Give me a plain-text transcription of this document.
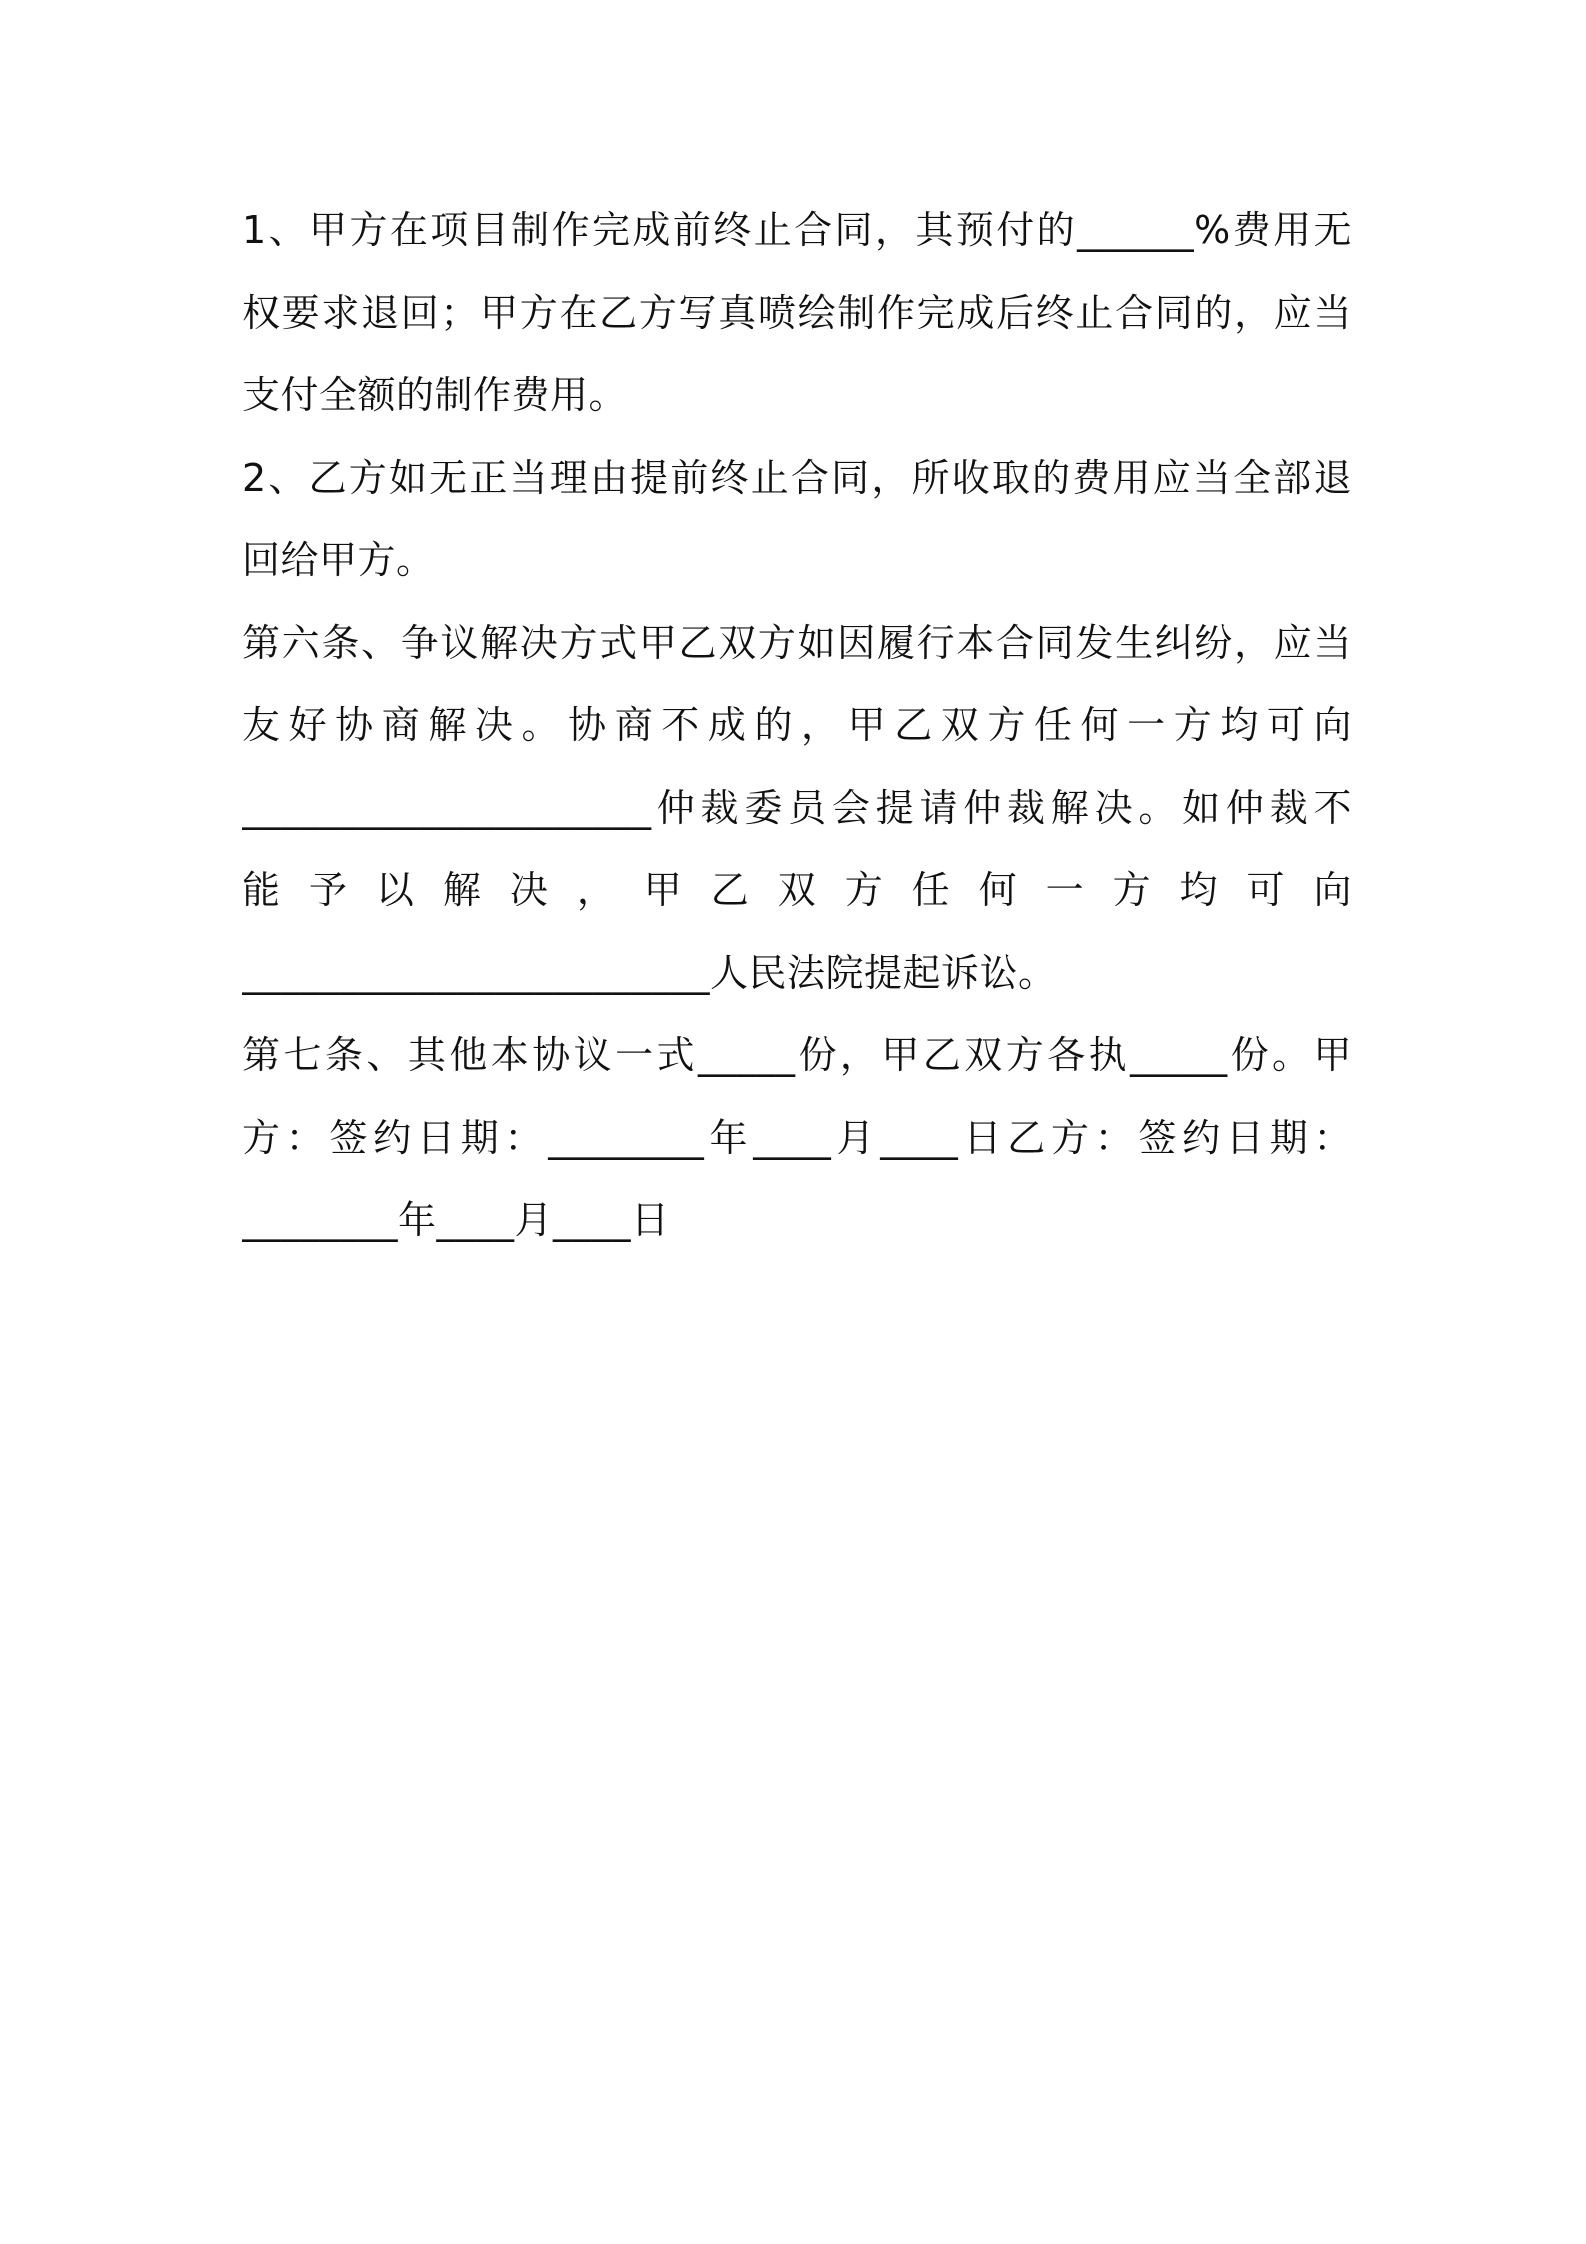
1、甲方在项目制作完成前终止合同，其预付的______%费用无
权要求退回；甲方在乙方写真喷绘制作完成后终止合同的，应当
支付全额的制作费用。
2、乙方如无正当理由提前终止合同，所收取的费用应当全部退
回给甲方。
第六条、争议解决方式甲乙双方如因履行本合同发生纠纷，应当
友好协商解决。协商不成的，甲乙双方任何一方均可向
_____________________仲裁委员会提请仲裁解决。如仲裁不
能予以解决，甲乙双方任何一方均可向
________________________人民法院提起诉讼。
第七条、其他本协议一式_____份，甲乙双方各执_____份。甲
方：签约日期：________年____月____日乙方：签约日期：
________年____月____日
